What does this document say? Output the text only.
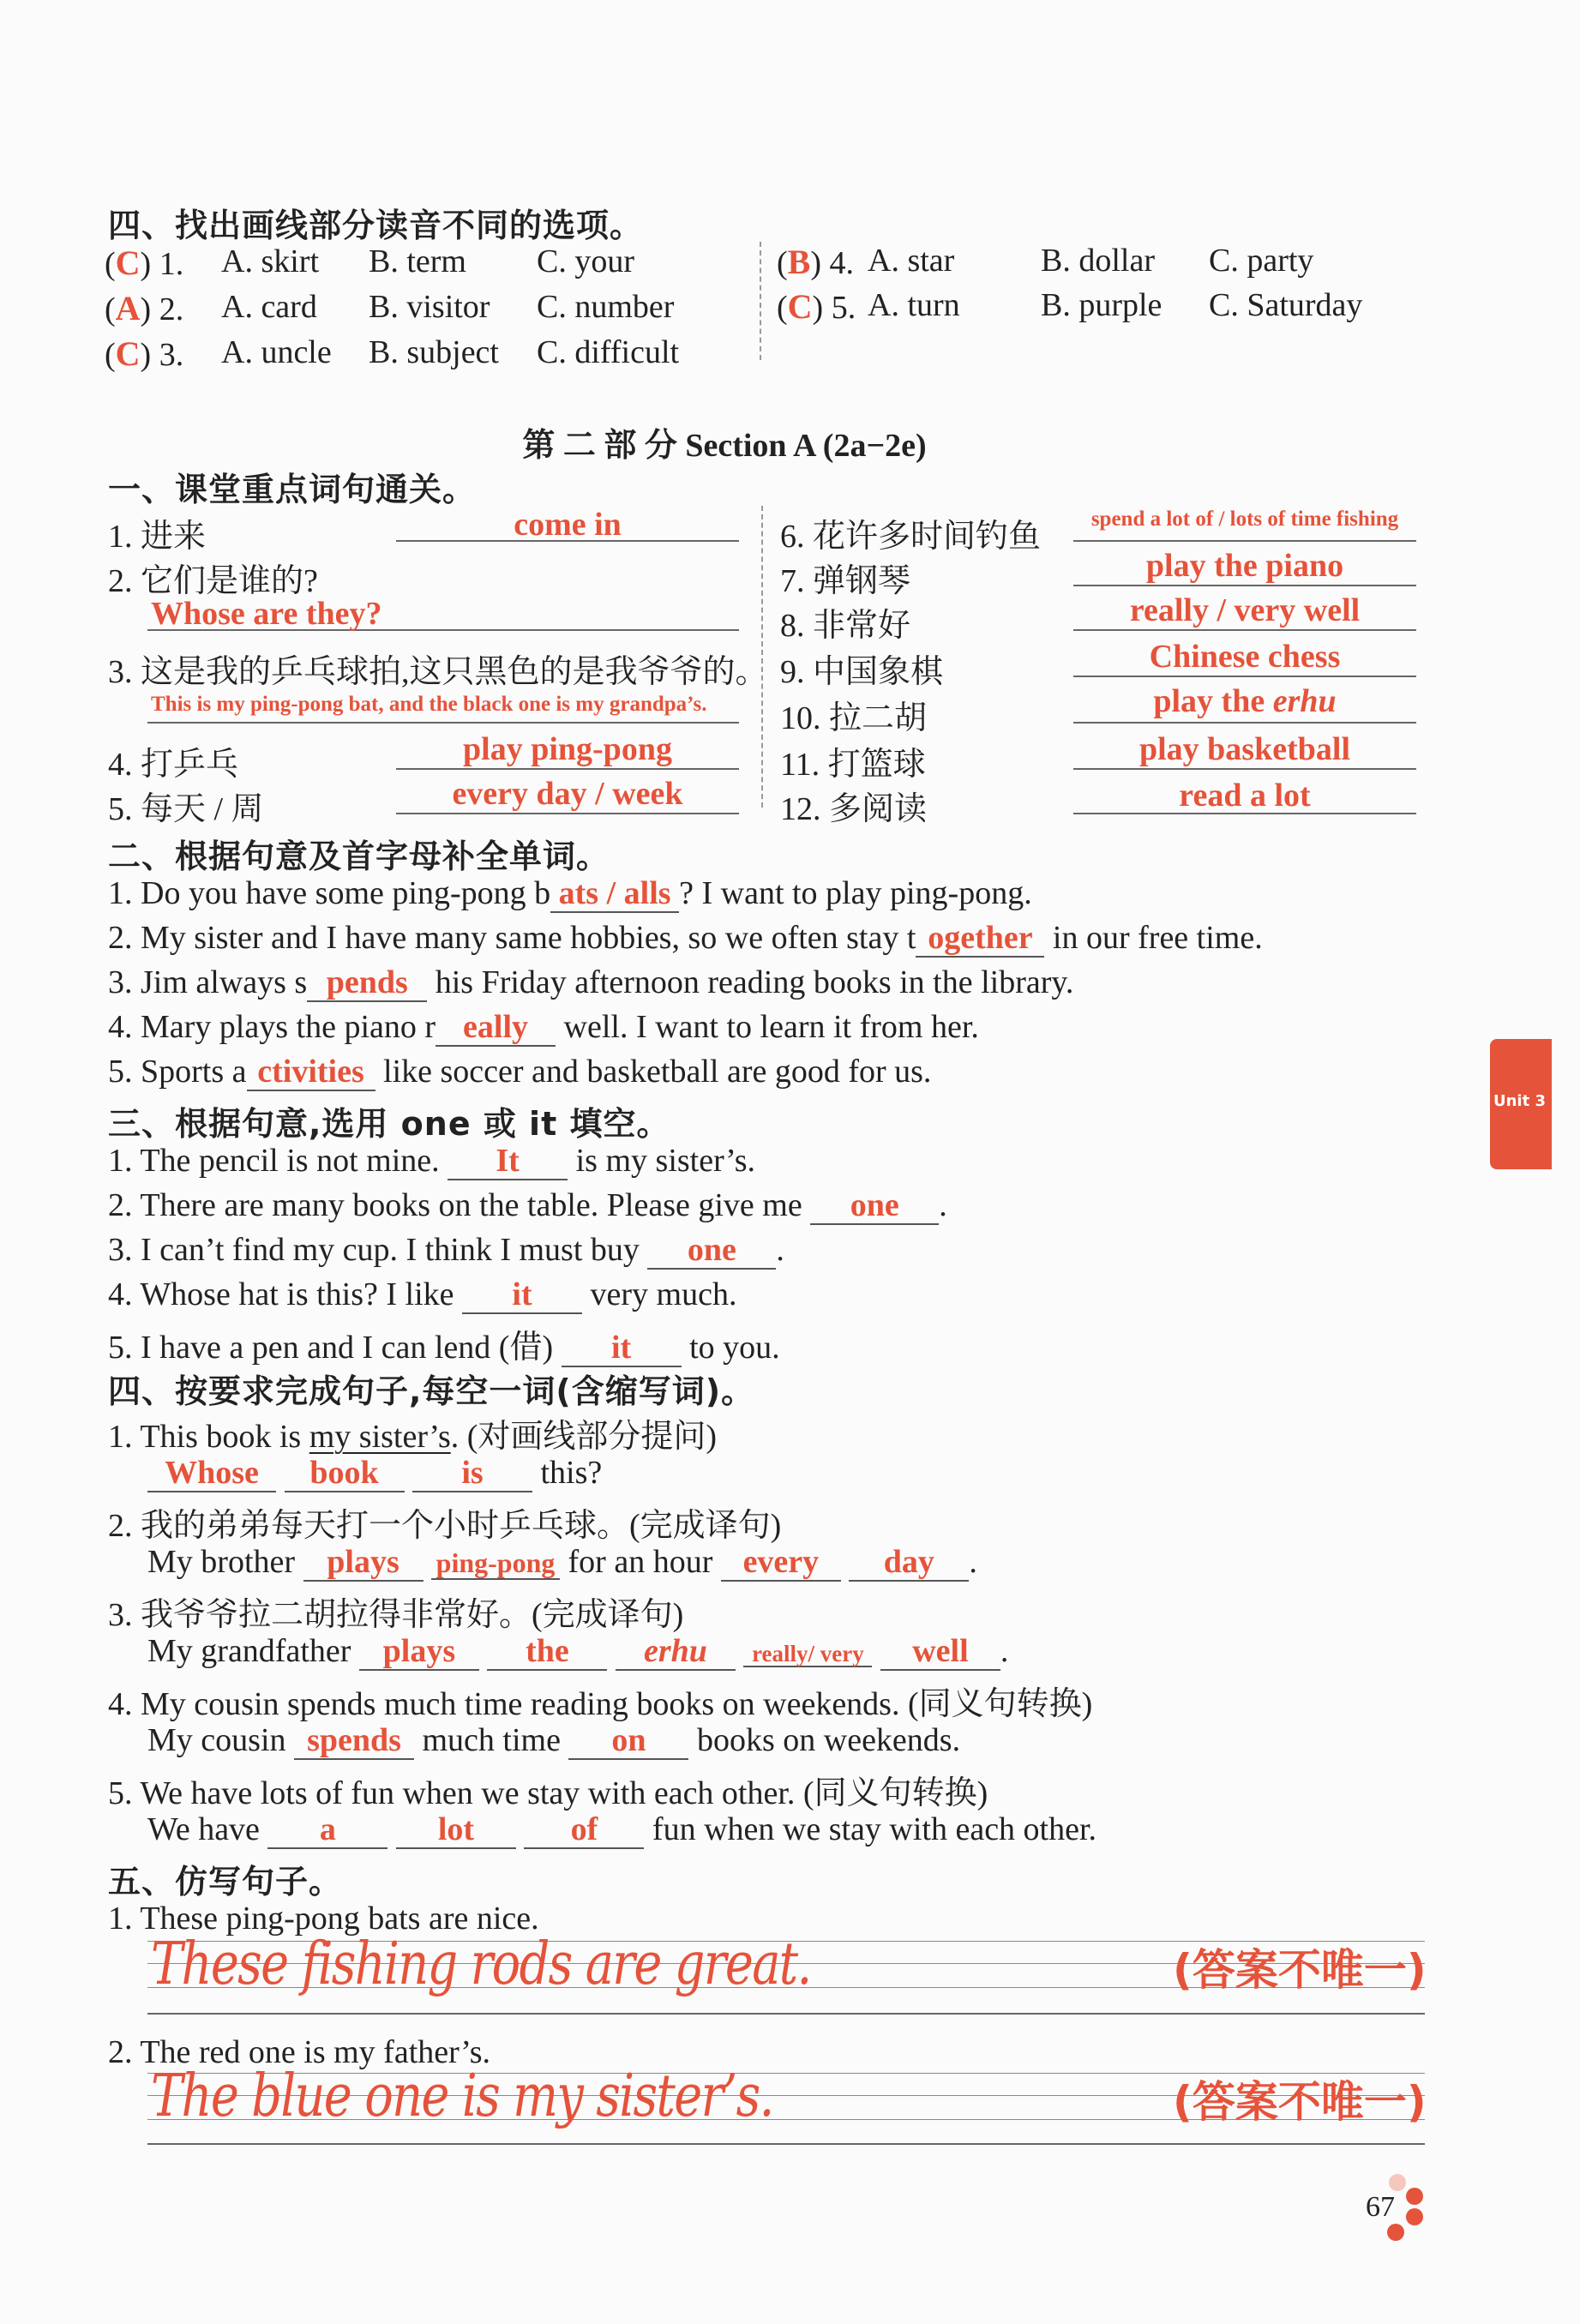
四、找出画线部分读音不同的选项。
(C) 1. A. skirt B. term C. your
(A) 2. A. card B. visitor C. number
(C) 3. A. uncle B. subject C. difficult
(B) 4. A. star	B. dollar C. party
(C) 5. A. turn B. purple C. Saturday
第 二 部 分 Section A (2a−2e)
一、课堂重点词句通关。
1. 进来	come in
2. 它们是谁的?
Whose are they?
3. 这是我的乒乓球拍,这只黑色的是我爷爷的。
This is my ping-pong bat, and the black one is my grandpa’s.
4. 打乒乓	play ping-pong
5. 每天 / 周	every day / week
6. 花许多时间钓鱼	spend a lot of / lots of time fishing
7. 弹钢琴	play the piano
8. 非常好	really / very well
9. 中国象棋	Chinese chess
10. 拉二胡	play the erhu
11. 打篮球	play basketball
12. 多阅读	read a lot
二、根据句意及首字母补全单词。
1. Do you have some ping-pong b ats / alls ? I want to play ping-pong.
2. My sister and I have many same hobbies, so we often stay t ogether in our free time.
3. Jim always s pends his Friday afternoon reading books in the library.
4. Mary plays the piano r eally well. I want to learn it from her.
5. Sports a ctivities like soccer and basketball are good for us.
三、根据句意,选用 one 或 it 填空。
1. The pencil is not mine. It is my sister’s.
2. There are many books on the table. Please give me one .
3. I can’t find my cup. I think I must buy one .
4. Whose hat is this? I like it very much.
5. I have a pen and I can lend (借) it to you.
四、按要求完成句子,每空一词(含缩写词)。
1. This book is my sister’s. (对画线部分提问)
Whose book	is this?
2. 我的弟弟每天打一个小时乒乓球。(完成译句)
My brother plays ping-pong for an hour every day .
3. 我爷爷拉二胡拉得非常好。(完成译句)
My grandfather plays the erhu really/ very well .
4. My cousin spends much time reading books on weekends. (同义句转换)
My cousin spends much time on books on weekends.
5. We have lots of fun when we stay with each other. (同义句转换)
We have a	lot	of fun when we stay with each other.
五、仿写句子。
1. These ping-pong bats are nice.
These fishing rods are great.	(答案不唯一)
2. The red one is my father’s.
The blue one is my sister’s.	(答案不唯一)
Unit 3
67
